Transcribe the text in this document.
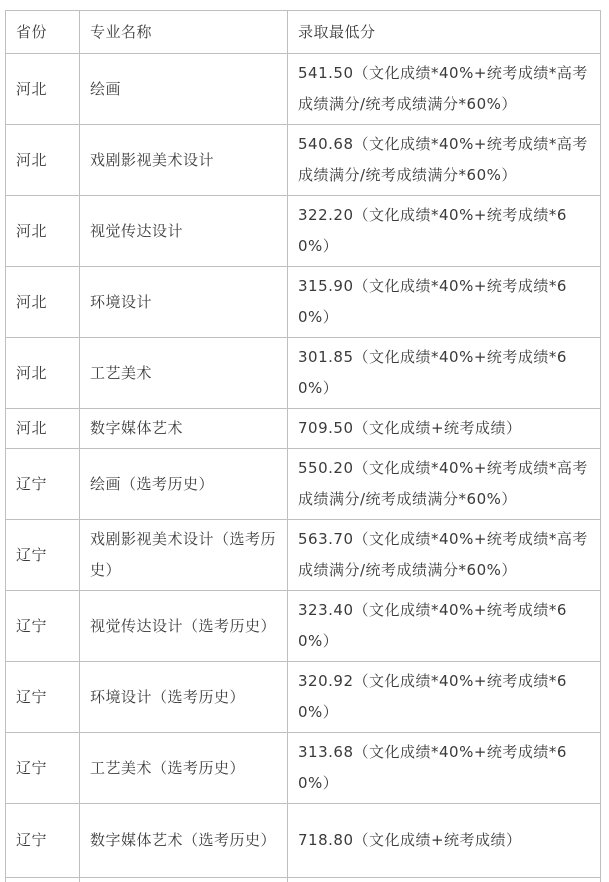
省份	专业名称	录取最低分
河北	绘画	541.50（文化成绩*40%+统考成绩*高考成绩满分/统考成绩满分*60%）
河北	戏剧影视美术设计	540.68（文化成绩*40%+统考成绩*高考成绩满分/统考成绩满分*60%）
河北	视觉传达设计	322.20（文化成绩*40%+统考成绩*60%）
河北	环境设计	315.90（文化成绩*40%+统考成绩*60%）
河北	工艺美术	301.85（文化成绩*40%+统考成绩*60%）
河北	数字媒体艺术	709.50（文化成绩+统考成绩）
辽宁	绘画（选考历史）	550.20（文化成绩*40%+统考成绩*高考成绩满分/统考成绩满分*60%）
辽宁	戏剧影视美术设计（选考历史）	563.70（文化成绩*40%+统考成绩*高考成绩满分/统考成绩满分*60%）
辽宁	视觉传达设计（选考历史）	323.40（文化成绩*40%+统考成绩*60%）
辽宁	环境设计（选考历史）	320.92（文化成绩*40%+统考成绩*60%）
辽宁	工艺美术（选考历史）	313.68（文化成绩*40%+统考成绩*60%）
辽宁	数字媒体艺术（选考历史）	718.80（文化成绩+统考成绩）
